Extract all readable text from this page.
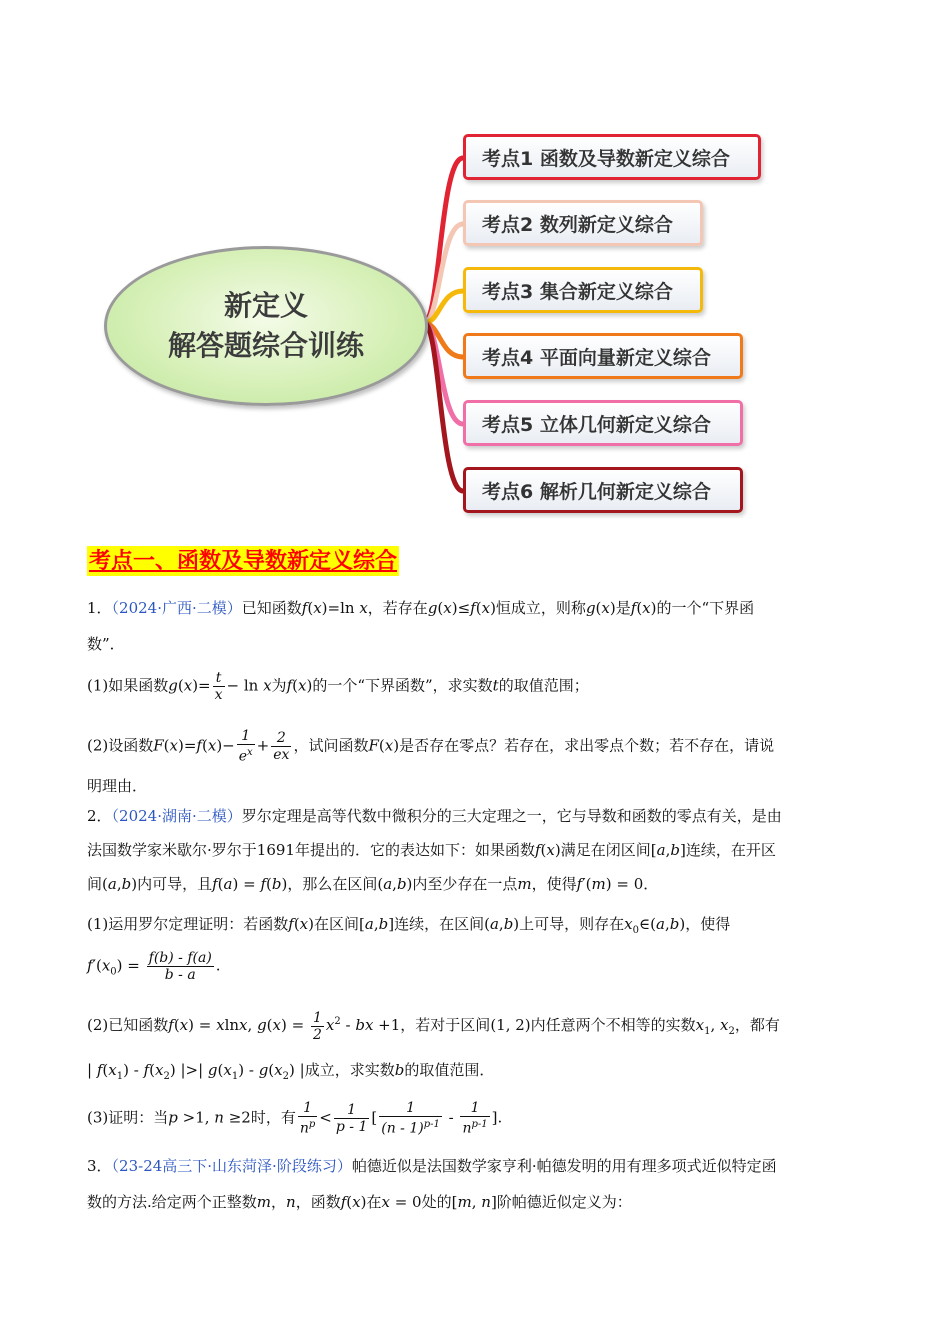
新定义
解答题综合训练
考点1 函数及导数新定义综合
考点2 数列新定义综合
考点3 集合新定义综合
考点4 平面向量新定义综合
考点5 立体几何新定义综合
考点6 解析几何新定义综合
考点一、函数及导数新定义综合
1．（2024·广西·二模）已知函数f(x)=ln x，若存在g(x)≤f(x)恒成立，则称g(x)是f(x)的一个“下界函
数”．
(1)如果函数$g(x)= \frac{t}{x} - \ln x$为f(x)的一个“下界函数”，求实数t的取值范围；
(2)设函数$F(x)=f(x)- \frac{1}{e^x} + \frac{2}{ex}$ ，试问函数F(x)是否存在零点？若存在，求出零点个数；若不存在，请说
明理由．
2．（2024·湖南·二模）罗尔定理是高等代数中微积分的三大定理之一，它与导数和函数的零点有关，是由
法国数学家米歇尔·罗尔于1691年提出的．它的表达如下：如果函数f(x)满足在闭区间[a,b]连续，在开区
间(a,b)内可导，且f(a) = f(b)，那么在区间(a,b)内至少存在一点m，使得f′(m) = 0．
(1)运用罗尔定理证明：若函数f(x)在区间[a,b]连续，在区间(a,b)上可导，则存在$x_0\in(a,b)$，使得
$f'(x_0) = \frac{f(b) - f(a)}{b - a}$ .
(2)已知函数f(x) = xlnx, $g(x) = \frac{1}{2} x^2$ - bx +1，若对于区间(1, 2)内任意两个不相等的实数$x_1$, $x_2$，都有
| $f(x_1) - f(x_2)$ |>| $g(x_1) - g(x_2)$ |成立，求实数b的取值范围．
(3)证明：当p >1, n ≥2时，有 $\frac{1}{n^p} < \frac{1}{p - 1}$ [ $\frac{1}{(n - 1)^{p-1}} - \frac{1}{n^{p-1}}$ ].
3．（23-24高三下·山东菏泽·阶段练习）帕德近似是法国数学家亨利·帕德发明的用有理多项式近似特定函
数的方法.给定两个正整数m，n，函数f(x)在x = 0处的[m, n]阶帕德近似定义为：
